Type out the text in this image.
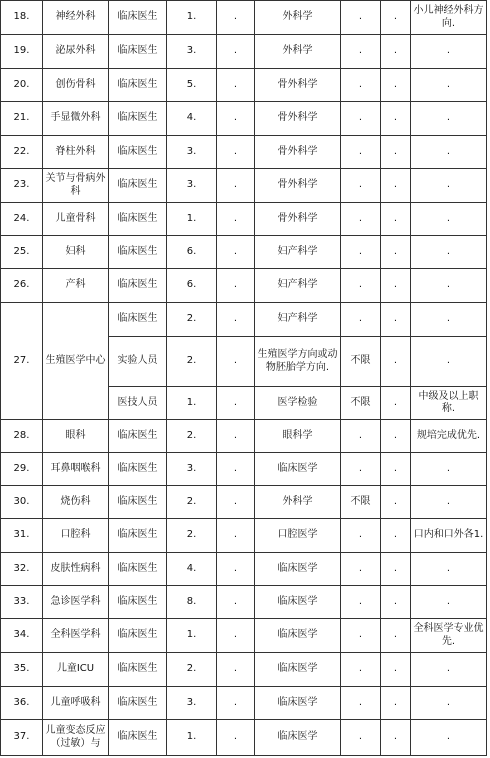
18.	神经外科	临床医生	1.	.	外科学	.	.	小儿神经外科方向.
19.	泌尿外科	临床医生	3.	.	外科学	.	.	.
20.	创伤骨科	临床医生	5.	.	骨外科学	.	.	.
21.	手显微外科	临床医生	4.	.	骨外科学	.	.	.
22.	脊柱外科	临床医生	3.	.	骨外科学	.	.	.
23.	关节与骨病外科	临床医生	3.	.	骨外科学	.	.	.
24.	儿童骨科	临床医生	1.	.	骨外科学	.	.	.
25.	妇科	临床医生	6.	.	妇产科学	.	.	.
26.	产科	临床医生	6.	.	妇产科学	.	.	.
27.	生殖医学中心	临床医生	2.	.	妇产科学	.	.	.
		实验人员	2.	.	生殖医学方向或动物胚胎学方向.	不限	.	.
		医技人员	1.	.	医学检验	不限	.	中级及以上职称.
28.	眼科	临床医生	2.	.	眼科学	.	.	规培完成优先.
29.	耳鼻咽喉科	临床医生	3.	.	临床医学	.	.	.
30.	烧伤科	临床医生	2.	.	外科学	不限	.	.
31.	口腔科	临床医生	2.	.	口腔医学	.	.	口内和口外各1.
32.	皮肤性病科	临床医生	4.	.	临床医学	.	.	.
33.	急诊医学科	临床医生	8.	.	临床医学	.	.	.
34.	全科医学科	临床医生	1.	.	临床医学	.	.	全科医学专业优先.
35.	儿童ICU	临床医生	2.	.	临床医学	.	.	.
36.	儿童呼吸科	临床医生	3.	.	临床医学	.	.	.
37.	儿童变态反应（过敏）与	临床医生	1.	.	临床医学	.	.	.
